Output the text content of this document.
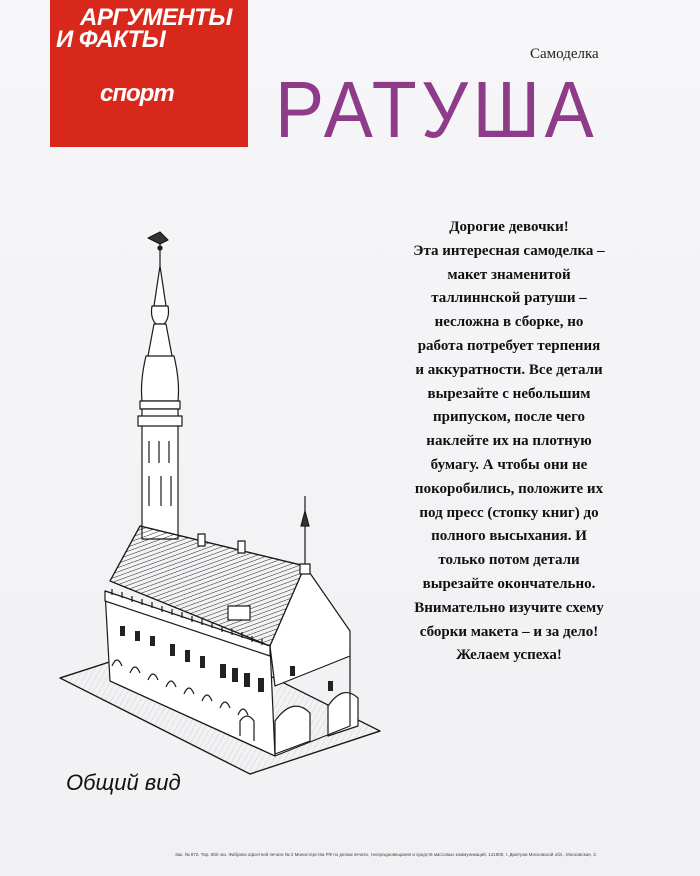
АРГУМЕНТЫ
И ФАКТЫ
спорт
Самоделка
РАТУША
Дорогие девочки!
Эта интересная самоделка –
макет знаменитой
таллиннской ратуши –
несложна в сборке, но
работа потребует терпения
и аккуратности. Все детали
вырезайте с небольшим
припуском, после чего
наклейте их на плотную
бумагу. А чтобы они не
покоробились, положите их
под пресс (стопку книг) до
полного высыхания. И
только потом детали
вырезайте окончательно.
Внимательно изучите схему
сборки макета – и за дело!
Желаем успеха!
Общий вид
Зак. № 972. Тир. 800 экз. Фабрика офсетной печати № 2 Министерства РФ по делам печати, телерадиовещания и средств массовых коммуникаций. 141800, г. Дмитров Московской обл., Московская, 3.
